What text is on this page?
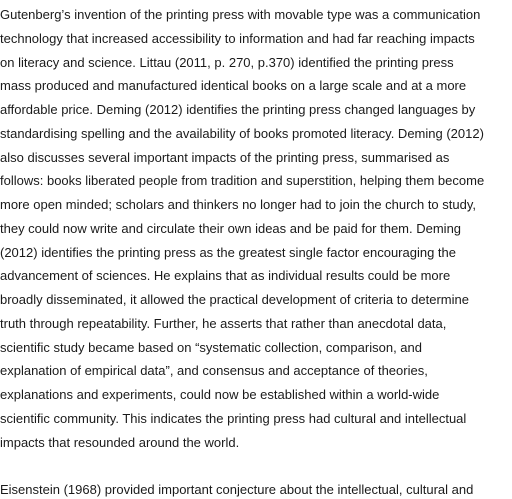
Gutenberg’s invention of the printing press with movable type was a communication
technology that increased accessibility to information and had far reaching impacts
on literacy and science. Littau (2011, p. 270, p.370) identified the printing press
mass produced and manufactured identical books on a large scale and at a more
affordable price. Deming (2012) identifies the printing press changed languages by
standardising spelling and the availability of books promoted literacy. Deming (2012)
also discusses several important impacts of the printing press, summarised as
follows: books liberated people from tradition and superstition, helping them become
more open minded; scholars and thinkers no longer had to join the church to study,
they could now write and circulate their own ideas and be paid for them. Deming
(2012) identifies the printing press as the greatest single factor encouraging the
advancement of sciences. He explains that as individual results could be more
broadly disseminated, it allowed the practical development of criteria to determine
truth through repeatability. Further, he asserts that rather than anecdotal data,
scientific study became based on “systematic collection, comparison, and
explanation of empirical data”, and consensus and acceptance of theories,
explanations and experiments, could now be established within a world-wide
scientific community. This indicates the printing press had cultural and intellectual
impacts that resounded around the world.
Eisenstein (1968) provided important conjecture about the intellectual, cultural and
